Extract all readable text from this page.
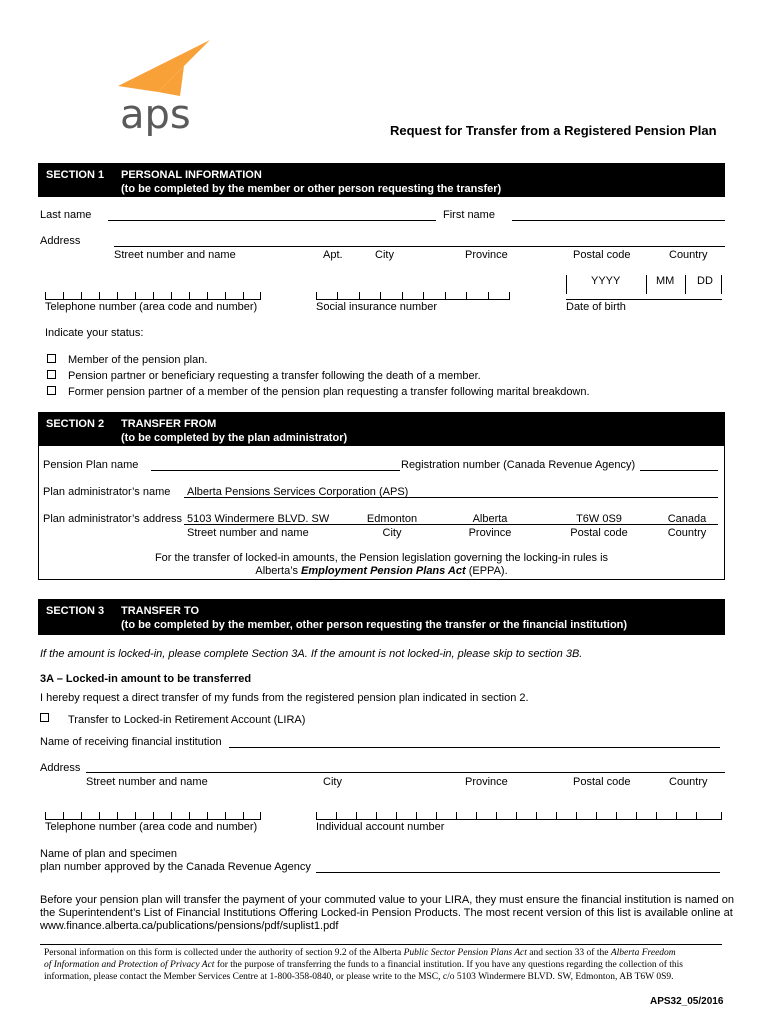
aps	Request for Transfer from a Registered Pension Plan
SECTION 1 PERSONAL INFORMATION
(to be completed by the member or other person requesting the transfer)
Last name	First name
Address
Street number and name	Apt.	City	Province	Postal code	Country
Telephone number (area code and number)	Social insurance number
YYYY	MM DD
Date of birth
Indicate your status:
Member of the pension plan.
Pension partner or beneficiary requesting a transfer following the death of a member.
Former pension partner of a member of the pension plan requesting a transfer following marital breakdown.
SECTION 2 TRANSFER FROM
(to be completed by the plan administrator)
Pension Plan name	Registration number (Canada Revenue Agency)
Plan administrator’s name Alberta Pensions Services Corporation (APS)
Plan administrator’s address 5103 Windermere BLVD. SW	Edmonton	Alberta	T6W 0S9	Canada
Street number and name	City	Province	Postal code	Country
For the transfer of locked-in amounts, the Pension legislation governing the locking-in rules is
Alberta’s Employment Pension Plans Act (EPPA).
SECTION 3 TRANSFER TO
(to be completed by the member, other person requesting the transfer or the financial institution)
If the amount is locked-in, please complete Section 3A. If the amount is not locked-in, please skip to section 3B.
3A – Locked-in amount to be transferred
I hereby request a direct transfer of my funds from the registered pension plan indicated in section 2.
Transfer to Locked-in Retirement Account (LIRA)
Name of receiving financial institution
Address
Street number and name	City	Province	Postal code	Country
Telephone number (area code and number)	Individual account number
Name of plan and specimen
plan number approved by the Canada Revenue Agency
Before your pension plan will transfer the payment of your commuted value to your LIRA, they must ensure the financial institution is named on
the Superintendent’s List of Financial Institutions Offering Locked-in Pension Products. The most recent version of this list is available online at
www.finance.alberta.ca/publications/pensions/pdf/suplist1.pdf
Personal information on this form is collected under the authority of section 9.2 of the Alberta Public Sector Pension Plans Act and section 33 of the Alberta Freedom
of Information and Protection of Privacy Act for the purpose of transferring the funds to a financial institution. If you have any questions regarding the collection of this
information, please contact the Member Services Centre at 1-800-358-0840, or please write to the MSC, c/o 5103 Windermere BLVD. SW, Edmonton, AB T6W 0S9.
APS32_05/2016
